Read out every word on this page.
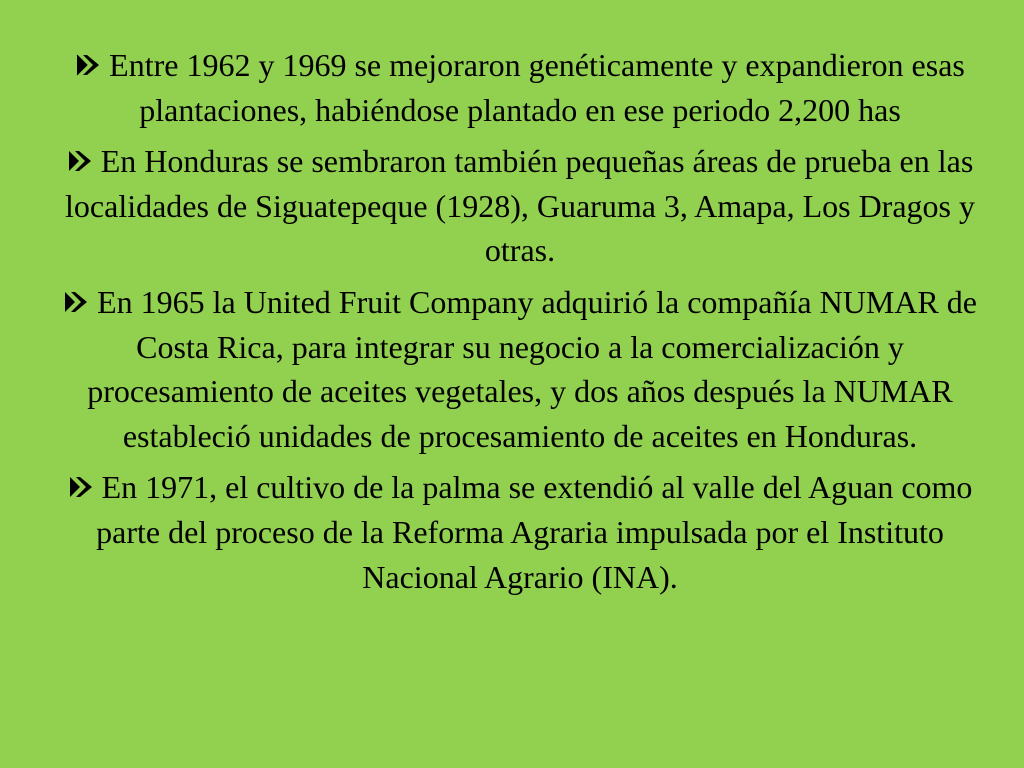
Entre 1962 y 1969 se mejoraron genéticamente y expandieron esas plantaciones, habiéndose plantado en ese periodo 2,200 has

En Honduras se sembraron también pequeñas áreas de prueba en las localidades de Siguatepeque (1928), Guaruma 3, Amapa, Los Dragos y otras.

En 1965 la United Fruit Company adquirió la compañía NUMAR de Costa Rica, para integrar su negocio a la comercialización y procesamiento de aceites vegetales, y dos años después la NUMAR estableció unidades de procesamiento de aceites en Honduras.

En 1971, el cultivo de la palma se extendió al valle del Aguan como parte del proceso de la Reforma Agraria impulsada por el Instituto Nacional Agrario (INA).
